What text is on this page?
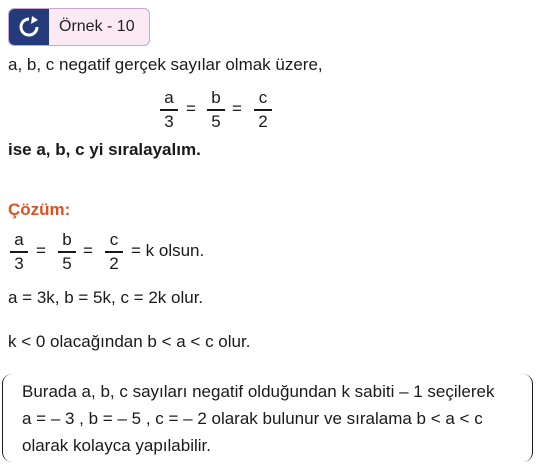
Örnek - 10
a, b, c negatif gerçek sayılar olmak üzere,
a
3
=
b
5
=
c
2
ise a, b, c yi sıralayalım.
Çözüm:
a
3
=
b
5
=
c
2
= k olsun.
a = 3k, b = 5k, c = 2k olur.
k < 0 olacağından b < a < c olur.
Burada a, b, c sayıları negatif olduğundan k sabiti – 1 seçilerek
a = – 3 , b = – 5 , c = – 2 olarak bulunur ve sıralama b < a < c
olarak kolayca yapılabilir.
